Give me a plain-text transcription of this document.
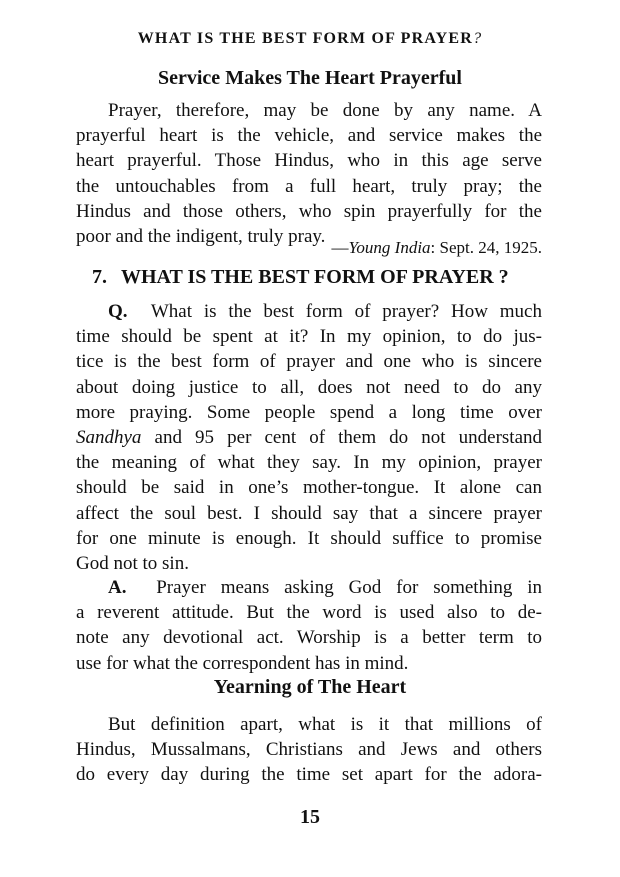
WHAT IS THE BEST FORM OF PRAYER?
Service Makes The Heart Prayerful
Prayer, therefore, may be done by any name. A
prayerful heart is the vehicle, and service makes the
heart prayerful. Those Hindus, who in this age serve
the untouchables from a full heart, truly pray; the
Hindus and those others, who spin prayerfully for the
poor and the indigent, truly pray.
—Young India: Sept. 24, 1925.
7. WHAT IS THE BEST FORM OF PRAYER ?
Q. What is the best form of prayer? How much
time should be spent at it? In my opinion, to do jus-
tice is the best form of prayer and one who is sincere
about doing justice to all, does not need to do any
more praying. Some people spend a long time over
Sandhya and 95 per cent of them do not understand
the meaning of what they say. In my opinion, prayer
should be said in one’s mother-tongue. It alone can
affect the soul best. I should say that a sincere prayer
for one minute is enough. It should suffice to promise
God not to sin.
A. Prayer means asking God for something in
a reverent attitude. But the word is used also to de-
note any devotional act. Worship is a better term to
use for what the correspondent has in mind.
Yearning of The Heart
But definition apart, what is it that millions of
Hindus, Mussalmans, Christians and Jews and others
do every day during the time set apart for the adora-
15
